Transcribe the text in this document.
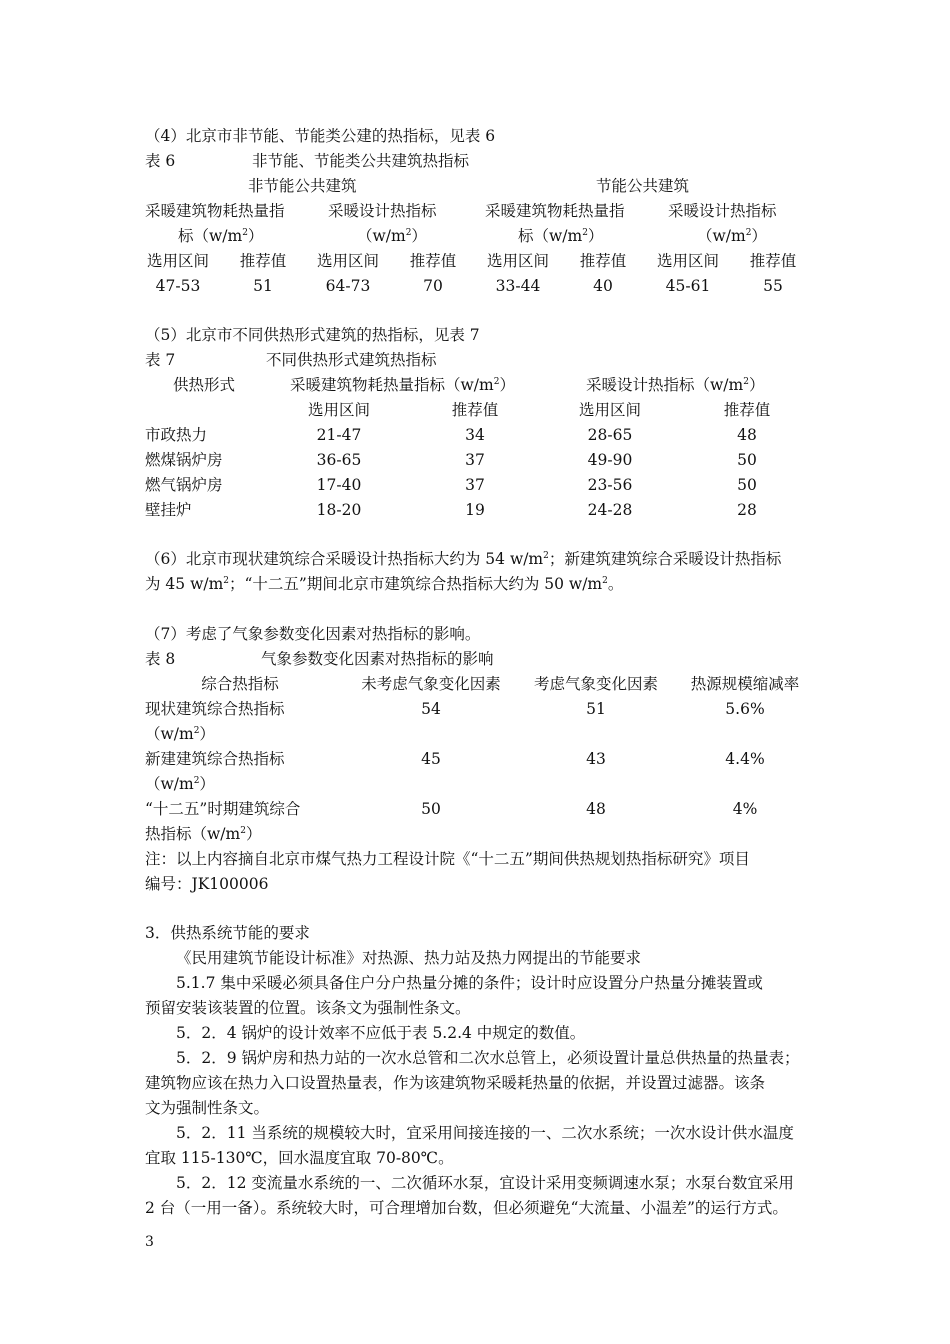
（4）北京市非节能、节能类公建的热指标，见表 6
表 6	非节能、节能类公共建筑热指标
非节能公共建筑	节能公共建筑
采暖建筑物耗热量指	采暖设计热指标	采暖建筑物耗热量指	采暖设计热指标
标$(w/m^2)$	$(w/m^2)$	标$(w/m^2)$	$(w/m^2)$
选用区间 推荐值 选用区间 推荐值 选用区间 推荐值 选用区间 推荐值
47-53	51	64-73	70	33-44	40	45-61	55
（5）北京市不同供热形式建筑的热指标，见表 7
表 7	不同供热形式建筑热指标
供热形式	采暖建筑物耗热量指标$(w/m^2)$	采暖设计热指标$(w/m^2)$
选用区间	推荐值	选用区间	推荐值
市政热力	21-47	34	28-65	48
燃煤锅炉房	36-65	37	49-90	50
燃气锅炉房	17-40	37	23-56	50
壁挂炉	18-20	19	24-28	28
（6）北京市现状建筑综合采暖设计热指标大约为 54 $w/m^2$；新建筑建筑综合采暖设计热指标
为 45 $w/m^2$；“十二五”期间北京市建筑综合热指标大约为 50 $w/m^2$。
（7）考虑了气象参数变化因素对热指标的影响。
表 8	气象参数变化因素对热指标的影响
综合热指标	未考虑气象变化因素 考虑气象变化因素 热源规模缩减率
现状建筑综合热指标
$(w/m^2)$
54	51	5.6%
新建建筑综合热指标
$(w/m^2)$
45	43	4.4%
“十二五”时期建筑综合
热指标$(w/m^2)$
50	48	4%
注：以上内容摘自北京市煤气热力工程设计院《“十二五”期间供热规划热指标研究》项目
编号：JK100006
3．供热系统节能的要求
《民用建筑节能设计标准》对热源、热力站及热力网提出的节能要求
5.1.7 集中采暖必须具备住户分户热量分摊的条件；设计时应设置分户热量分摊装置或
预留安装该装置的位置。该条文为强制性条文。
5．2．4 锅炉的设计效率不应低于表 5.2.4 中规定的数值。
5．2．9 锅炉房和热力站的一次水总管和二次水总管上，必须设置计量总供热量的热量表；
建筑物应该在热力入口设置热量表，作为该建筑物采暖耗热量的依据，并设置过滤器。该条
文为强制性条文。
5．2．11 当系统的规模较大时，宜采用间接连接的一、二次水系统；一次水设计供水温度
宜取 115-130℃，回水温度宜取 70-80℃。
5．2．12 变流量水系统的一、二次循环水泵，宜设计采用变频调速水泵；水泵台数宜采用
2 台（一用一备）。系统较大时，可合理增加台数，但必须避免“大流量、小温差”的运行方式。
3
